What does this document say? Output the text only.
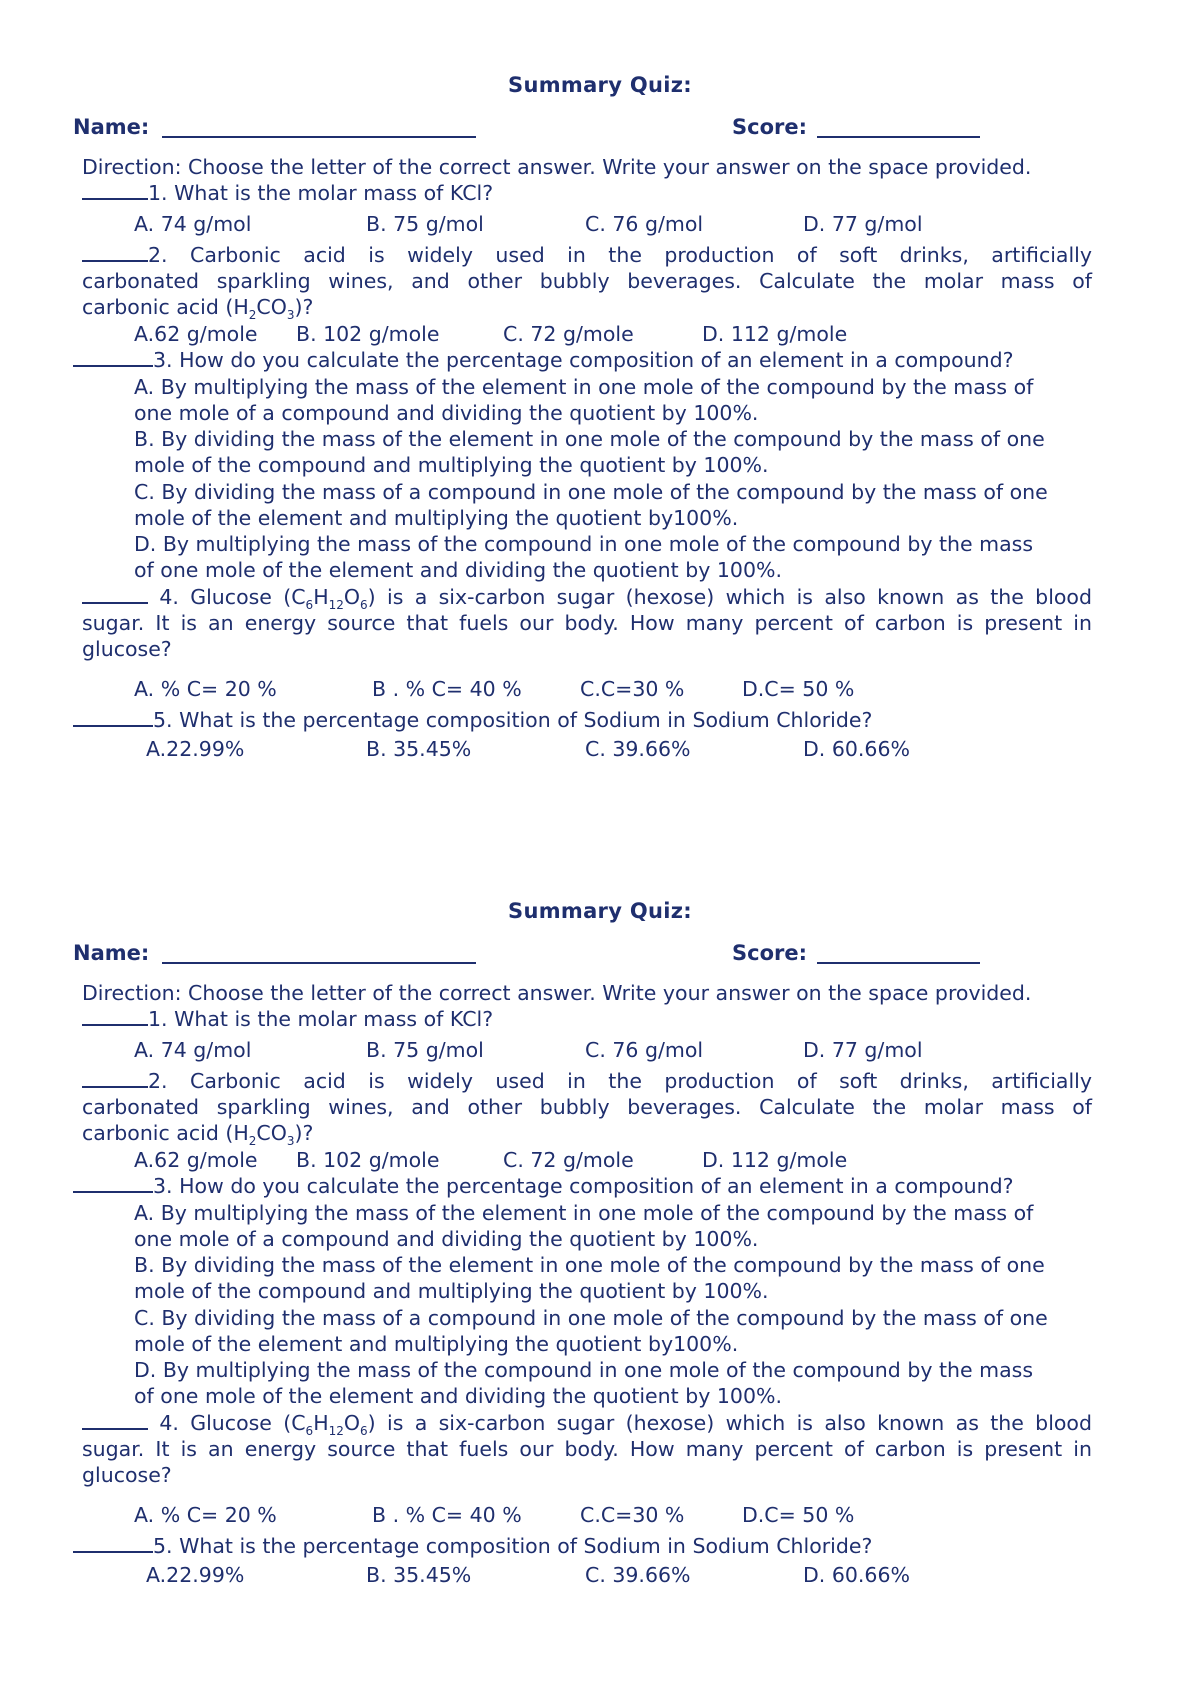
Summary Quiz:
Name:	Score:
Direction: Choose the letter of the correct answer. Write your answer on the space provided.
1. What is the molar mass of KCl?
A. 74 g/mol	B. 75 g/mol	C. 76 g/mol	D. 77 g/mol
2. Carbonic acid is widely used in the production of soft drinks, artificially
carbonated sparkling wines, and other bubbly beverages. Calculate the molar mass of
carbonic acid $(H_2CO_3)$?
A.62 g/mole B. 102 g/mole	C. 72 g/mole	D. 112 g/mole
3. How do you calculate the percentage composition of an element in a compound?
A. By multiplying the mass of the element in one mole of the compound by the mass of
one mole of a compound and dividing the quotient by 100%.
B. By dividing the mass of the element in one mole of the compound by the mass of one
mole of the compound and multiplying the quotient by 100%.
C. By dividing the mass of a compound in one mole of the compound by the mass of one
mole of the element and multiplying the quotient by100%.
D. By multiplying the mass of the compound in one mole of the compound by the mass
of one mole of the element and dividing the quotient by 100%.
4. Glucose $(C_6H_{12}O_6)$ is a six-carbon sugar (hexose) which is also known as the blood
sugar. It is an energy source that fuels our body. How many percent of carbon is present in
glucose?
A. % C= 20 %	B . % C= 40 %	C.C=30 %	D.C= 50 %
5. What is the percentage composition of Sodium in Sodium Chloride?
A.22.99%	B. 35.45%	C. 39.66%	D. 60.66%
Summary Quiz:
Name:	Score:
Direction: Choose the letter of the correct answer. Write your answer on the space provided.
1. What is the molar mass of KCl?
A. 74 g/mol	B. 75 g/mol	C. 76 g/mol	D. 77 g/mol
2. Carbonic acid is widely used in the production of soft drinks, artificially
carbonated sparkling wines, and other bubbly beverages. Calculate the molar mass of
carbonic acid $(H_2CO_3)$?
A.62 g/mole B. 102 g/mole	C. 72 g/mole	D. 112 g/mole
3. How do you calculate the percentage composition of an element in a compound?
A. By multiplying the mass of the element in one mole of the compound by the mass of
one mole of a compound and dividing the quotient by 100%.
B. By dividing the mass of the element in one mole of the compound by the mass of one
mole of the compound and multiplying the quotient by 100%.
C. By dividing the mass of a compound in one mole of the compound by the mass of one
mole of the element and multiplying the quotient by100%.
D. By multiplying the mass of the compound in one mole of the compound by the mass
of one mole of the element and dividing the quotient by 100%.
4. Glucose $(C_6H_{12}O_6)$ is a six-carbon sugar (hexose) which is also known as the blood
sugar. It is an energy source that fuels our body. How many percent of carbon is present in
glucose?
A. % C= 20 %	B . % C= 40 %	C.C=30 %	D.C= 50 %
5. What is the percentage composition of Sodium in Sodium Chloride?
A.22.99%	B. 35.45%	C. 39.66%	D. 60.66%
